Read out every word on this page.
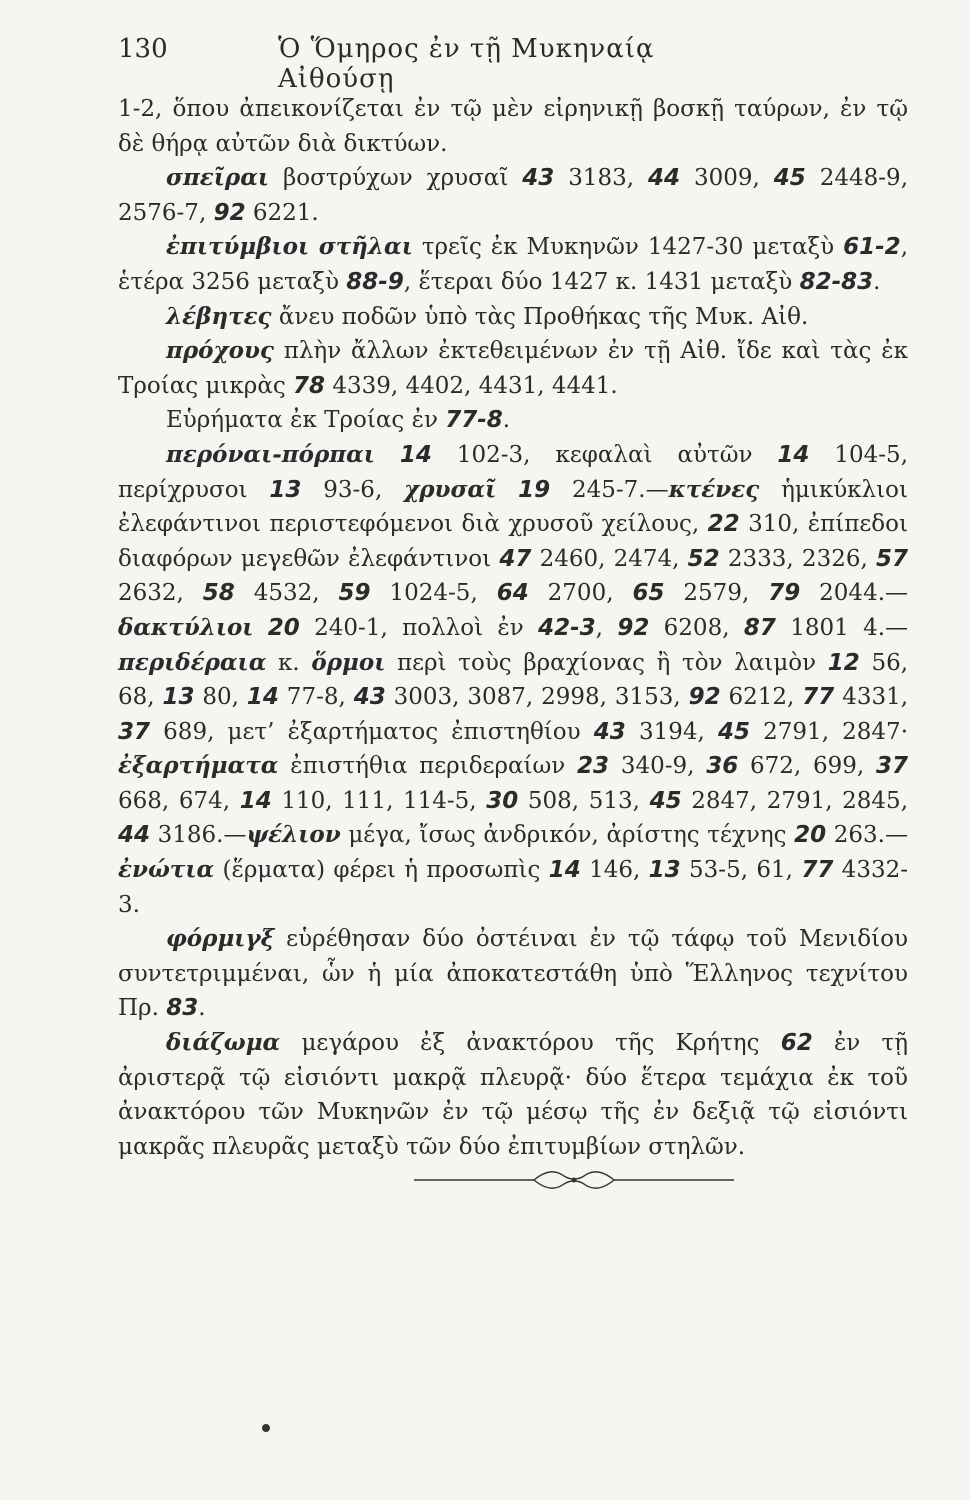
130	Ὁ Ὅμηρος ἐν τῇ Μυκηναίᾳ Αἰθούσῃ

1-2, ὅπου ἀπεικονίζεται ἐν τῷ μὲν εἰρηνικῇ βοσκῇ ταύρων, ἐν τῷ δὲ θήρᾳ αὐτῶν διὰ δικτύων.

σπεῖραι βοστρύχων χρυσαῖ 43 3183, 44 3009, 45 2448-9, 2576-7, 92 6221.

ἐπιτύμβιοι στῆλαι τρεῖς ἐκ Μυκηνῶν 1427-30 μεταξὺ 61-2, ἑτέρα 3256 μεταξὺ 88-9, ἕτεραι δύο 1427 κ. 1431 μεταξὺ 82-83.

λέβητες ἄνευ ποδῶν ὑπὸ τὰς Προθήκας τῆς Μυκ. Αἰθ.

πρόχους πλὴν ἄλλων ἐκτεθειμένων ἐν τῇ Αἰθ. ἴδε καὶ τὰς ἐκ Τροίας μικρὰς 78 4339, 4402, 4431, 4441.

Εὑρήματα ἐκ Τροίας ἐν 77-8.

περόναι-πόρπαι 14 102-3, κεφαλαὶ αὐτῶν 14 104-5, περίχρυσοι 13 93-6, χρυσαῖ 19 245-7.—κτένες ἡμικύκλιοι ἐλεφάντινοι περιστεφόμενοι διὰ χρυσοῦ χείλους, 22 310, ἐπίπεδοι διαφόρων μεγεθῶν ἐλεφάντινοι 47 2460, 2474, 52 2333, 2326, 57 2632, 58 4532, 59 1024-5, 64 2700, 65 2579, 79 2044.— δακτύλιοι 20 240-1, πολλοὶ ἐν 42-3, 92 6208, 87 1801 4.— περιδέραια κ. ὅρμοι περὶ τοὺς βραχίονας ἢ τὸν λαιμὸν 12 56, 68, 13 80, 14 77-8, 43 3003, 3087, 2998, 3153, 92 6212, 77 4331, 37 689, μετ’ ἐξαρτήματος ἐπιστηθίου 43 3194, 45 2791, 2847· ἐξαρτήματα ἐπιστήθια περιδεραίων 23 340-9, 36 672, 699, 37 668, 674, 14 110, 111, 114-5, 30 508, 513, 45 2847, 2791, 2845, 44 3186.—ψέλιον μέγα, ἴσως ἀνδρικόν, ἀρίστης τέχνης 20 263.—ἐνώτια (ἕρματα) φέρει ἡ προσωπὶς 14 146, 13 53-5, 61, 77 4332-3.

φόρμιγξ εὑρέθησαν δύο ὀστέιναι ἐν τῷ τάφῳ τοῦ Μενιδίου συντετριμμέναι, ὧν ἡ μία ἀποκατεστάθη ὑπὸ Ἕλληνος τεχνίτου Πρ. 83.

διάζωμα μεγάρου ἐξ ἀνακτόρου τῆς Κρήτης 62 ἐν τῇ ἀριστερᾷ τῷ εἰσιόντι μακρᾷ πλευρᾷ· δύο ἕτερα τεμάχια ἐκ τοῦ ἀνακτόρου τῶν Μυκηνῶν ἐν τῷ μέσῳ τῆς ἐν δεξιᾷ τῷ εἰσιόντι μακρᾶς πλευρᾶς μεταξὺ τῶν δύο ἐπιτυμβίων στηλῶν.
